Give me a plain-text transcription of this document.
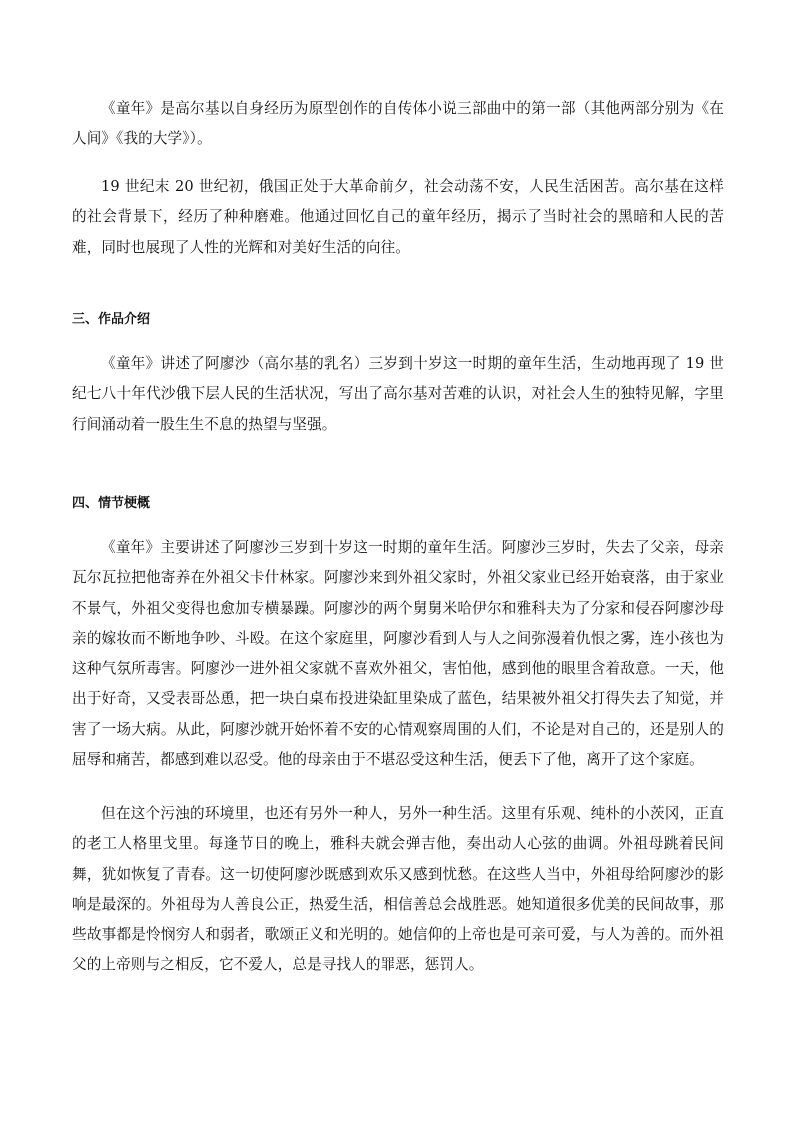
《童年》是高尔基以自身经历为原型创作的自传体小说三部曲中的第一部（其他两部分别为《在人间》《我的大学》）。

19 世纪末 20 世纪初，俄国正处于大革命前夕，社会动荡不安，人民生活困苦。高尔基在这样的社会背景下，经历了种种磨难。他通过回忆自己的童年经历，揭示了当时社会的黑暗和人民的苦难，同时也展现了人性的光辉和对美好生活的向往。

三、作品介绍

《童年》讲述了阿廖沙（高尔基的乳名）三岁到十岁这一时期的童年生活，生动地再现了 19 世纪七八十年代沙俄下层人民的生活状况，写出了高尔基对苦难的认识，对社会人生的独特见解，字里行间涌动着一股生生不息的热望与坚强。

四、情节梗概

《童年》主要讲述了阿廖沙三岁到十岁这一时期的童年生活。阿廖沙三岁时，失去了父亲，母亲瓦尔瓦拉把他寄养在外祖父卡什林家。阿廖沙来到外祖父家时，外祖父家业已经开始衰落，由于家业不景气，外祖父变得也愈加专横暴躁。阿廖沙的两个舅舅米哈伊尔和雅科夫为了分家和侵吞阿廖沙母亲的嫁妆而不断地争吵、斗殴。在这个家庭里，阿廖沙看到人与人之间弥漫着仇恨之雾，连小孩也为这种气氛所毒害。阿廖沙一进外祖父家就不喜欢外祖父，害怕他，感到他的眼里含着敌意。一天，他出于好奇，又受表哥怂恿，把一块白桌布投进染缸里染成了蓝色，结果被外祖父打得失去了知觉，并害了一场大病。从此，阿廖沙就开始怀着不安的心情观察周围的人们，不论是对自己的，还是别人的屈辱和痛苦，都感到难以忍受。他的母亲由于不堪忍受这种生活，便丢下了他，离开了这个家庭。

但在这个污浊的环境里，也还有另外一种人，另外一种生活。这里有乐观、纯朴的小茨冈，正直的老工人格里戈里。每逢节日的晚上，雅科夫就会弹吉他，奏出动人心弦的曲调。外祖母跳着民间舞，犹如恢复了青春。这一切使阿廖沙既感到欢乐又感到忧愁。在这些人当中，外祖母给阿廖沙的影响是最深的。外祖母为人善良公正，热爱生活，相信善总会战胜恶。她知道很多优美的民间故事，那些故事都是怜悯穷人和弱者，歌颂正义和光明的。她信仰的上帝也是可亲可爱，与人为善的。而外祖父的上帝则与之相反，它不爱人，总是寻找人的罪恶，惩罚人。
